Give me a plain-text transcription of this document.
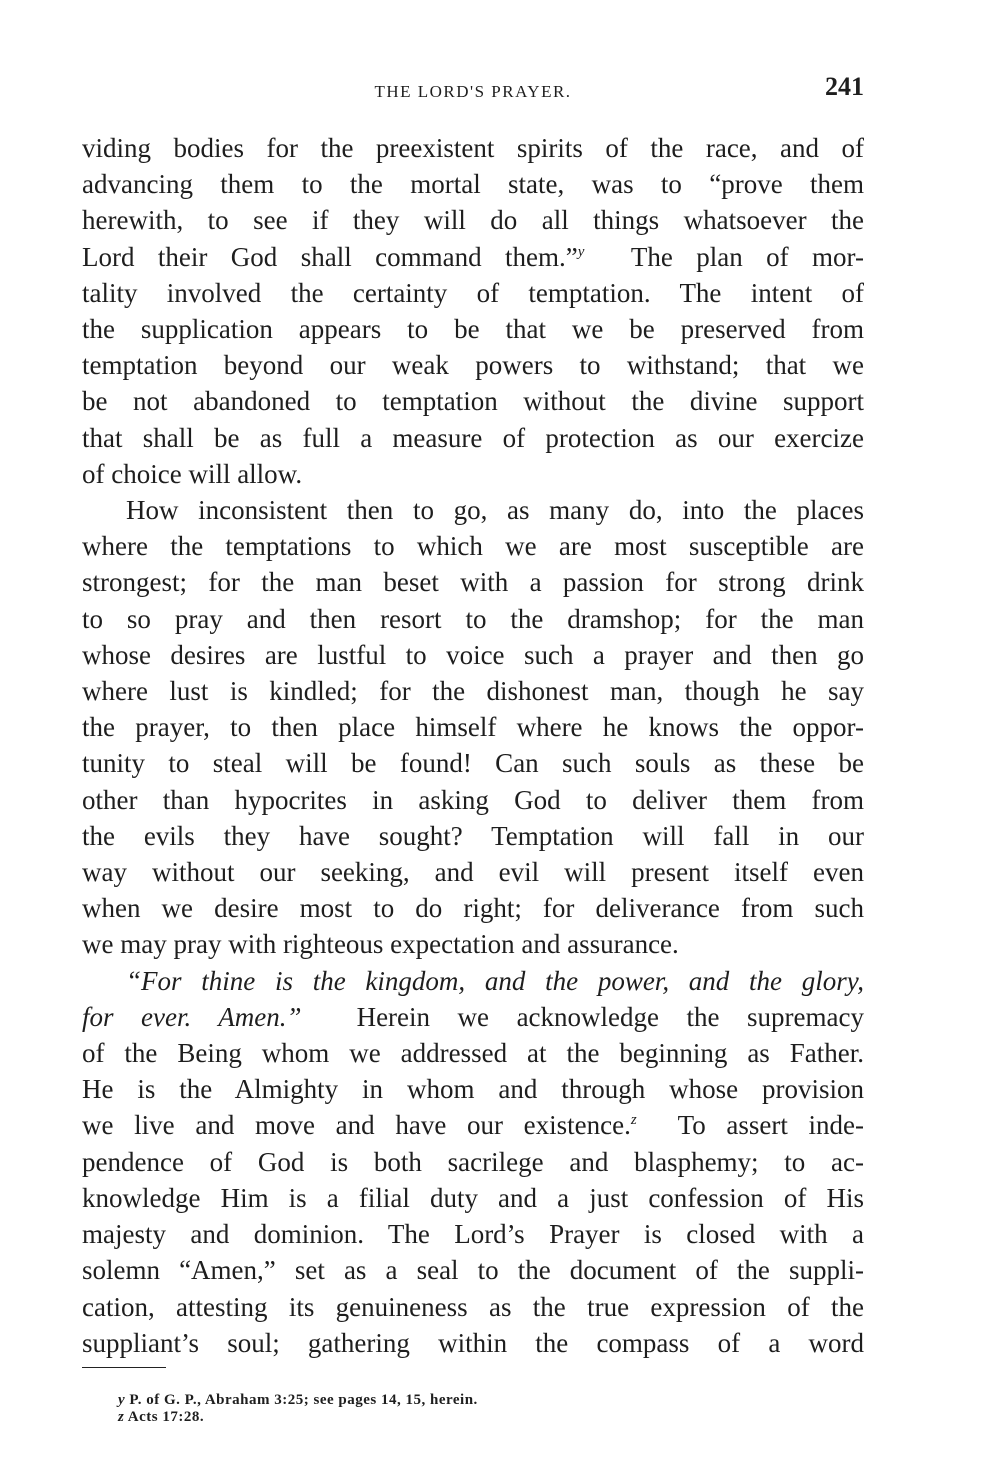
THE LORD'S PRAYER.	241
viding bodies for the preexistent spirits of the race, and of
advancing them to the mortal state, was to “prove them
herewith, to see if they will do all things whatsoever the
Lord their God shall command them.”$^y$ The plan of mor-
tality involved the certainty of temptation. The intent of
the supplication appears to be that we be preserved from
temptation beyond our weak powers to withstand; that we
be not abandoned to temptation without the divine support
that shall be as full a measure of protection as our exercize
of choice will allow.
How inconsistent then to go, as many do, into the places
where the temptations to which we are most susceptible are
strongest; for the man beset with a passion for strong drink
to so pray and then resort to the dramshop; for the man
whose desires are lustful to voice such a prayer and then go
where lust is kindled; for the dishonest man, though he say
the prayer, to then place himself where he knows the oppor-
tunity to steal will be found! Can such souls as these be
other than hypocrites in asking God to deliver them from
the evils they have sought? Temptation will fall in our
way without our seeking, and evil will present itself even
when we desire most to do right; for deliverance from such
we may pray with righteous expectation and assurance.
“For thine is the kingdom, and the power, and the glory,
for ever. Amen.” Herein we acknowledge the supremacy
of the Being whom we addressed at the beginning as Father.
He is the Almighty in whom and through whose provision
we live and move and have our existence.$^z$ To assert inde-
pendence of God is both sacrilege and blasphemy; to ac-
knowledge Him is a filial duty and a just confession of His
majesty and dominion. The Lord’s Prayer is closed with a
solemn “Amen,” set as a seal to the document of the suppli-
cation, attesting its genuineness as the true expression of the
suppliant’s soul; gathering within the compass of a word
y P. of G. P., Abraham 3:25; see pages 14, 15, herein.
z Acts 17:28.
